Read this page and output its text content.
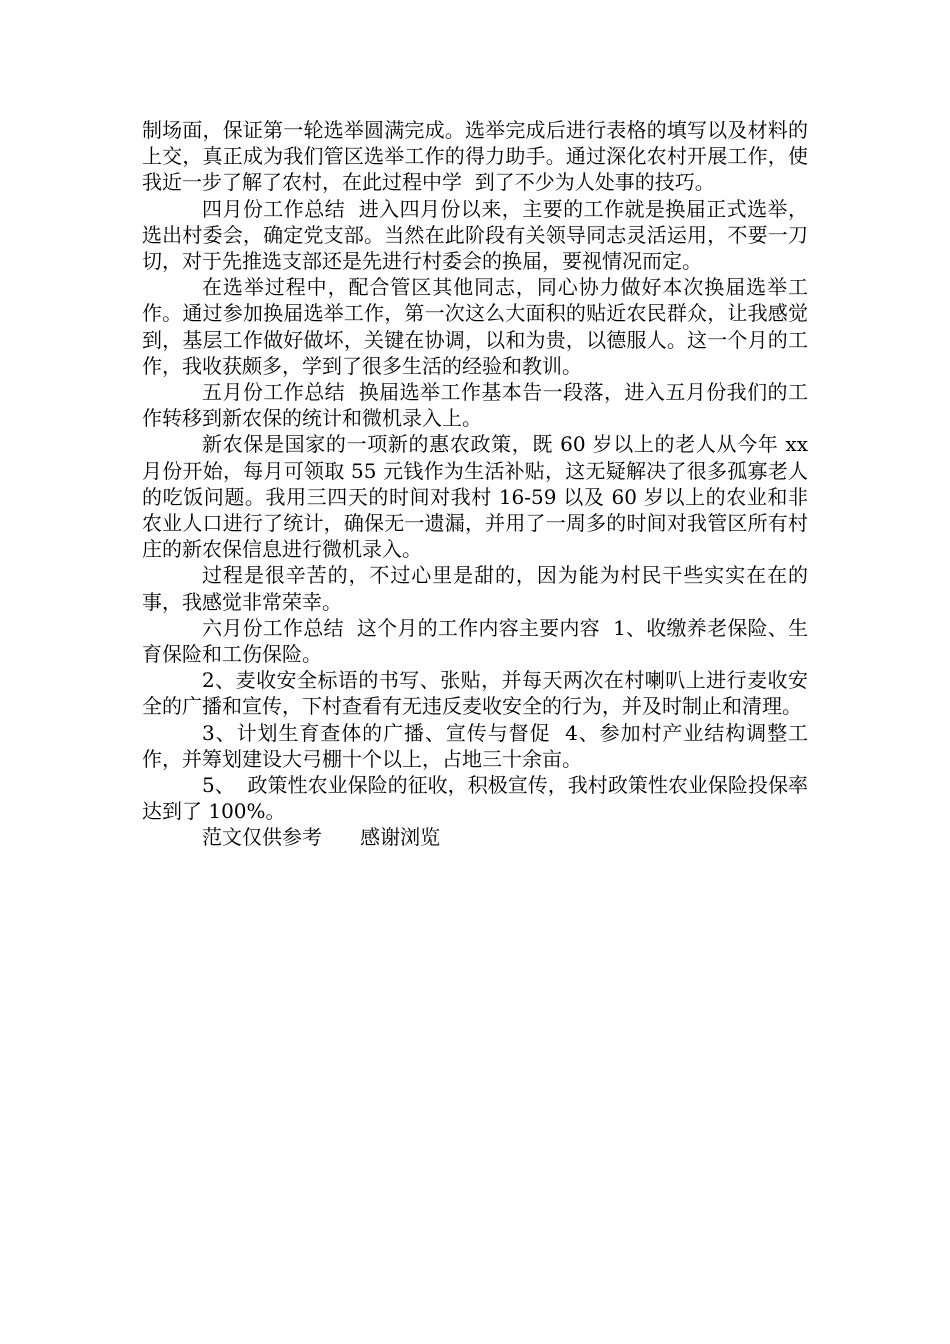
制场面，保证第一轮选举圆满完成。选举完成后进行表格的填写以及材料的上交，真正成为我们管区选举工作的得力助手。通过深化农村开展工作，使我近一步了解了农村，在此过程中学  到了不少为人处事的技巧。

四月份工作总结  进入四月份以来，主要的工作就是换届正式选举，选出村委会，确定党支部。当然在此阶段有关领导同志灵活运用，不要一刀切，对于先推选支部还是先进行村委会的换届，要视情况而定。

在选举过程中，配合管区其他同志，同心协力做好本次换届选举工作。通过参加换届选举工作，第一次这么大面积的贴近农民群众，让我感觉到，基层工作做好做坏，关键在协调，以和为贵，以德服人。这一个月的工作，我收获颇多，学到了很多生活的经验和教训。

五月份工作总结  换届选举工作基本告一段落，进入五月份我们的工作转移到新农保的统计和微机录入上。

新农保是国家的一项新的惠农政策，既 60 岁以上的老人从今年 xx 月份开始，每月可领取 55 元钱作为生活补贴，这无疑解决了很多孤寡老人的吃饭问题。我用三四天的时间对我村 16-59 以及 60 岁以上的农业和非农业人口进行了统计，确保无一遗漏，并用了一周多的时间对我管区所有村庄的新农保信息进行微机录入。

过程是很辛苦的，不过心里是甜的，因为能为村民干些实实在在的事，我感觉非常荣幸。

六月份工作总结  这个月的工作内容主要内容  1、收缴养老保险、生育保险和工伤保险。

2、麦收安全标语的书写、张贴，并每天两次在村喇叭上进行麦收安全的广播和宣传，下村查看有无违反麦收安全的行为，并及时制止和清理。

3、计划生育查体的广播、宣传与督促  4、参加村产业结构调整工作，并筹划建设大弓棚十个以上，占地三十余亩。

5、  政策性农业保险的征收，积极宣传，我村政策性农业保险投保率达到了 100%。

范文仅供参考      感谢浏览
